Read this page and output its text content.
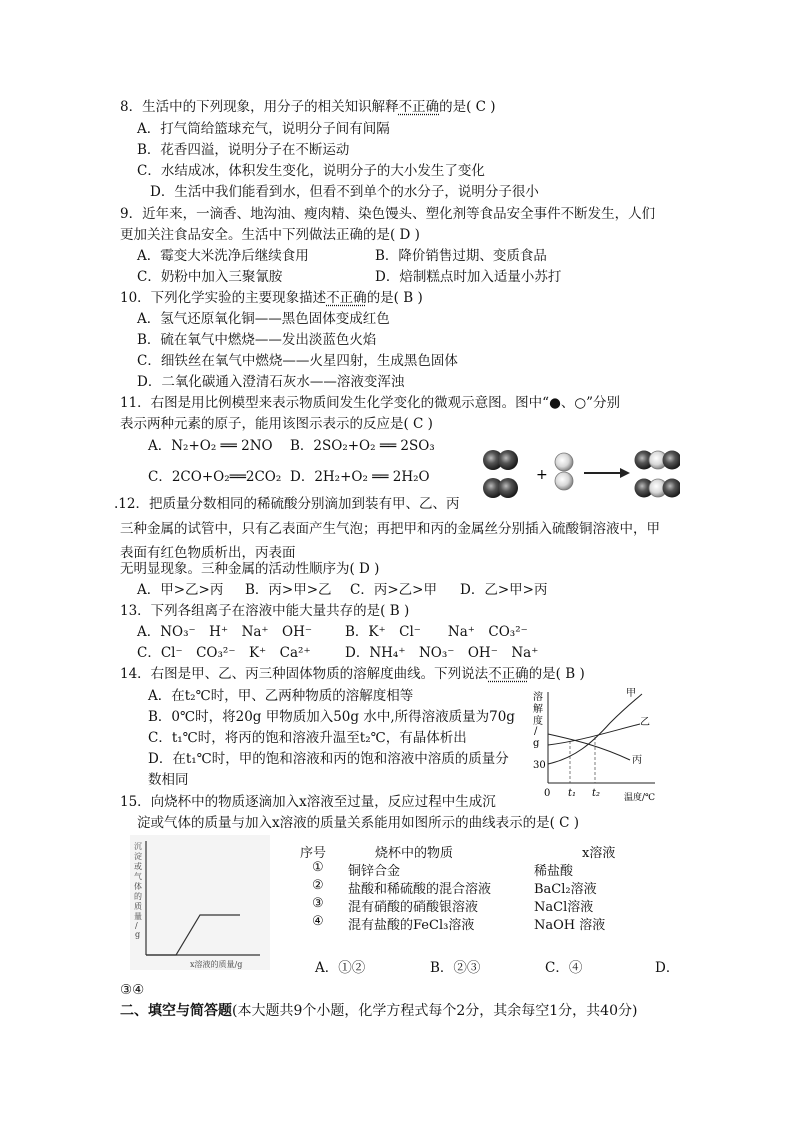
8．生活中的下列现象，用分子的相关知识解释不正确的是( C )
A．打气筒给篮球充气，说明分子间有间隔
B．花香四溢，说明分子在不断运动
C．水结成冰，体积发生变化，说明分子的大小发生了变化
D．生活中我们能看到水，但看不到单个的水分子，说明分子很小
9．近年来，一滴香、地沟油、瘦肉精、染色馒头、塑化剂等食品安全事件不断发生，人们
更加关注食品安全。生活中下列做法正确的是( D )
A．霉变大米洗净后继续食用	B．降价销售过期、变质食品
C．奶粉中加入三聚氰胺	D．焙制糕点时加入适量小苏打
10．下列化学实验的主要现象描述不正确的是( B )
A．氢气还原氧化铜——黑色固体变成红色
B．硫在氧气中燃烧——发出淡蓝色火焰
C．细铁丝在氧气中燃烧——火星四射，生成黑色固体
D．二氧化碳通入澄清石灰水——溶液变浑浊
11．右图是用比例模型来表示物质间发生化学变化的微观示意图。图中“●、○”分别
表示两种元素的原子，能用该图示表示的反应是( C )
A．N₂+O₂ ══ 2NO B．2SO₂+O₂ ══ 2SO₃
C．2CO+O₂══2CO₂ D．2H₂+O₂ ══ 2H₂O	+
.12．把质量分数相同的稀硫酸分别滴加到装有甲、乙、丙
三种金属的试管中，只有乙表面产生气泡；再把甲和丙的金属丝分别插入硫酸铜溶液中，甲
表面有红色物质析出，丙表面
无明显现象。三种金属的活动性顺序为( D )
A．甲>乙>丙 B．丙>甲>乙 C．丙>乙>甲 D．乙>甲>丙
13．下列各组离子在溶液中能大量共存的是( B )
A．NO₃⁻　H⁺　Na⁺　OH⁻ B．K⁺　Cl⁻　　Na⁺　CO₃²⁻
C．Cl⁻　CO₃²⁻　K⁺　Ca²⁺	D．NH₄⁺　NO₃⁻　OH⁻　Na⁺
14．右图是甲、乙、丙三种固体物质的溶解度曲线。下列说法不正确的是( B )
A．在t₂℃时，甲、乙两种物质的溶解度相等
B．0℃时，将20g 甲物质加入50g 水中,所得溶液质量为70g
C．t₁℃时，将丙的饱和溶液升温至t₂℃，有晶体析出
D．在t₁℃时，甲的饱和溶液和丙的饱和溶液中溶质的质量分
数相同
溶
解
度
/
g
30
0 t₁ t₂	温度/℃
甲
乙
丙
15．向烧杯中的物质逐滴加入x溶液至过量，反应过程中生成沉
淀或气体的质量与加入x溶液的质量关系能用如图所示的曲线表示的是( C )
沉
淀
或
气
体
的
质
量
/
g
x溶液的质量/g
序号	烧杯中的物质	x溶液
① 铜锌合金	稀盐酸
② 盐酸和稀硫酸的混合溶液	BaCl₂溶液
③ 混有硝酸的硝酸银溶液	NaCl溶液
④ 混有盐酸的FeCl₃溶液	NaOH 溶液
A．①②	B．②③	C．④	D．
③④
二、填空与简答题(本大题共9个小题，化学方程式每个2分，其余每空1分，共40分)
